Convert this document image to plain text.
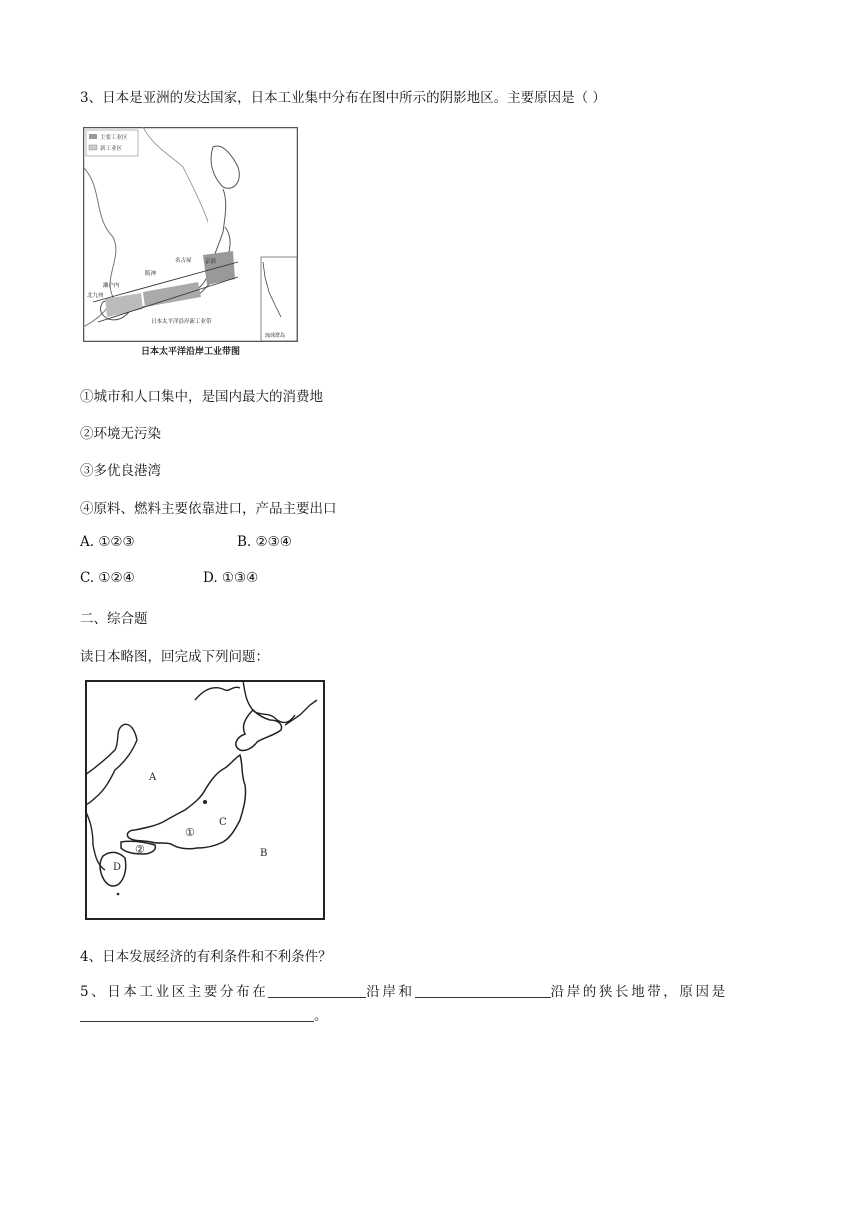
3、日本是亚洲的发达国家，日本工业集中分布在图中所示的阴影地区。主要原因是（ ）
主要工业区
新工业区
京滨
名古屋
阪神
濑户内
北九州
日本太平洋沿岸新工业带
琉球群岛
日本太平洋沿岸工业带图
①城市和人口集中，是国内最大的消费地
②环境无污染
③多优良港湾
④原料、燃料主要依靠进口，产品主要出口
A. ①②③	B. ②③④
C. ①②④	D. ①③④
二、综合题
读日本略图，回完成下列问题：
A
B
C
D
①
②
4、日本发展经济的有利条件和不利条件？
5、日本工业区主要分布在	沿岸和	沿岸的狭长地带，原因是
。
